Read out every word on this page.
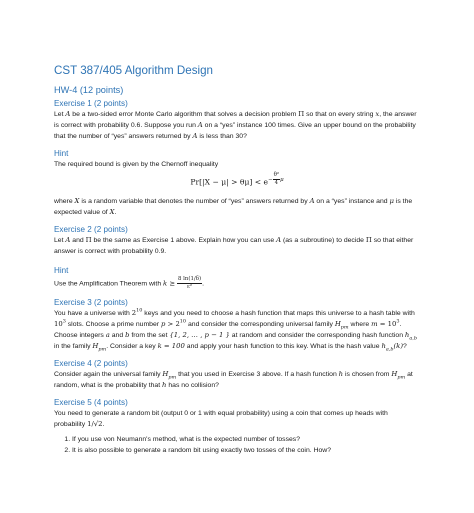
CST 387/405 Algorithm Design
HW-4 (12 points)
Exercise 1 (2 points)

Let A be a two-sided error Monte Carlo algorithm that solves a decision problem Π so that on every string x, the answer is correct with probability 0.6. Suppose you run A on a “yes” instance 100 times. Give an upper bound on the probability that the number of “yes” answers returned by A is less than 30?

Hint

The required bound is given by the Chernoff inequality

$Pr[|X - \mu| > \theta\mu] < e^{- \frac{\text{θ²}}{4} \mu}$

where X is a random variable that denotes the number of “yes” answers returned by A on a “yes” instance and μ is the expected value of X.

Exercise 2 (2 points)

Let A and Π be the same as Exercise 1 above. Explain how you can use A (as a subroutine) to decide Π so that either answer is correct with probability 0.9.

Hint

Use the Amplification Theorem with $k \ge \frac{8 \ln(1/\delta)}{\text{ε²}}$ .

Exercise 3 (2 points)

You have a universe with $2^{10}$ keys and you need to choose a hash function that maps this universe to a hash table with $10^3$ slots. Choose a prime number $p > 2^{10}$ and consider the corresponding universal family $H_{pm}$ where $m = 10^3$. Choose integers a and b from the set {1, 2, … , p − 1 } at random and consider the corresponding hash function $h_{a,b}$ in the family $H_{pm}$. Consider a key k = 100 and apply your hash function to this key. What is the hash value $h_{a,b}(k)$?

Exercise 4 (2 points)

Consider again the universal family $H_{pm}$ that you used in Exercise 3 above. If a hash function h is chosen from $H_{pm}$ at random, what is the probability that h has no collision?

Exercise 5 (4 points)

You need to generate a random bit (output 0 or 1 with equal probability) using a coin that comes up heads with probability 1/√2.

1. If you use von Neumann's method, what is the expected number of tosses?
2. It is also possible to generate a random bit using exactly two tosses of the coin. How?
